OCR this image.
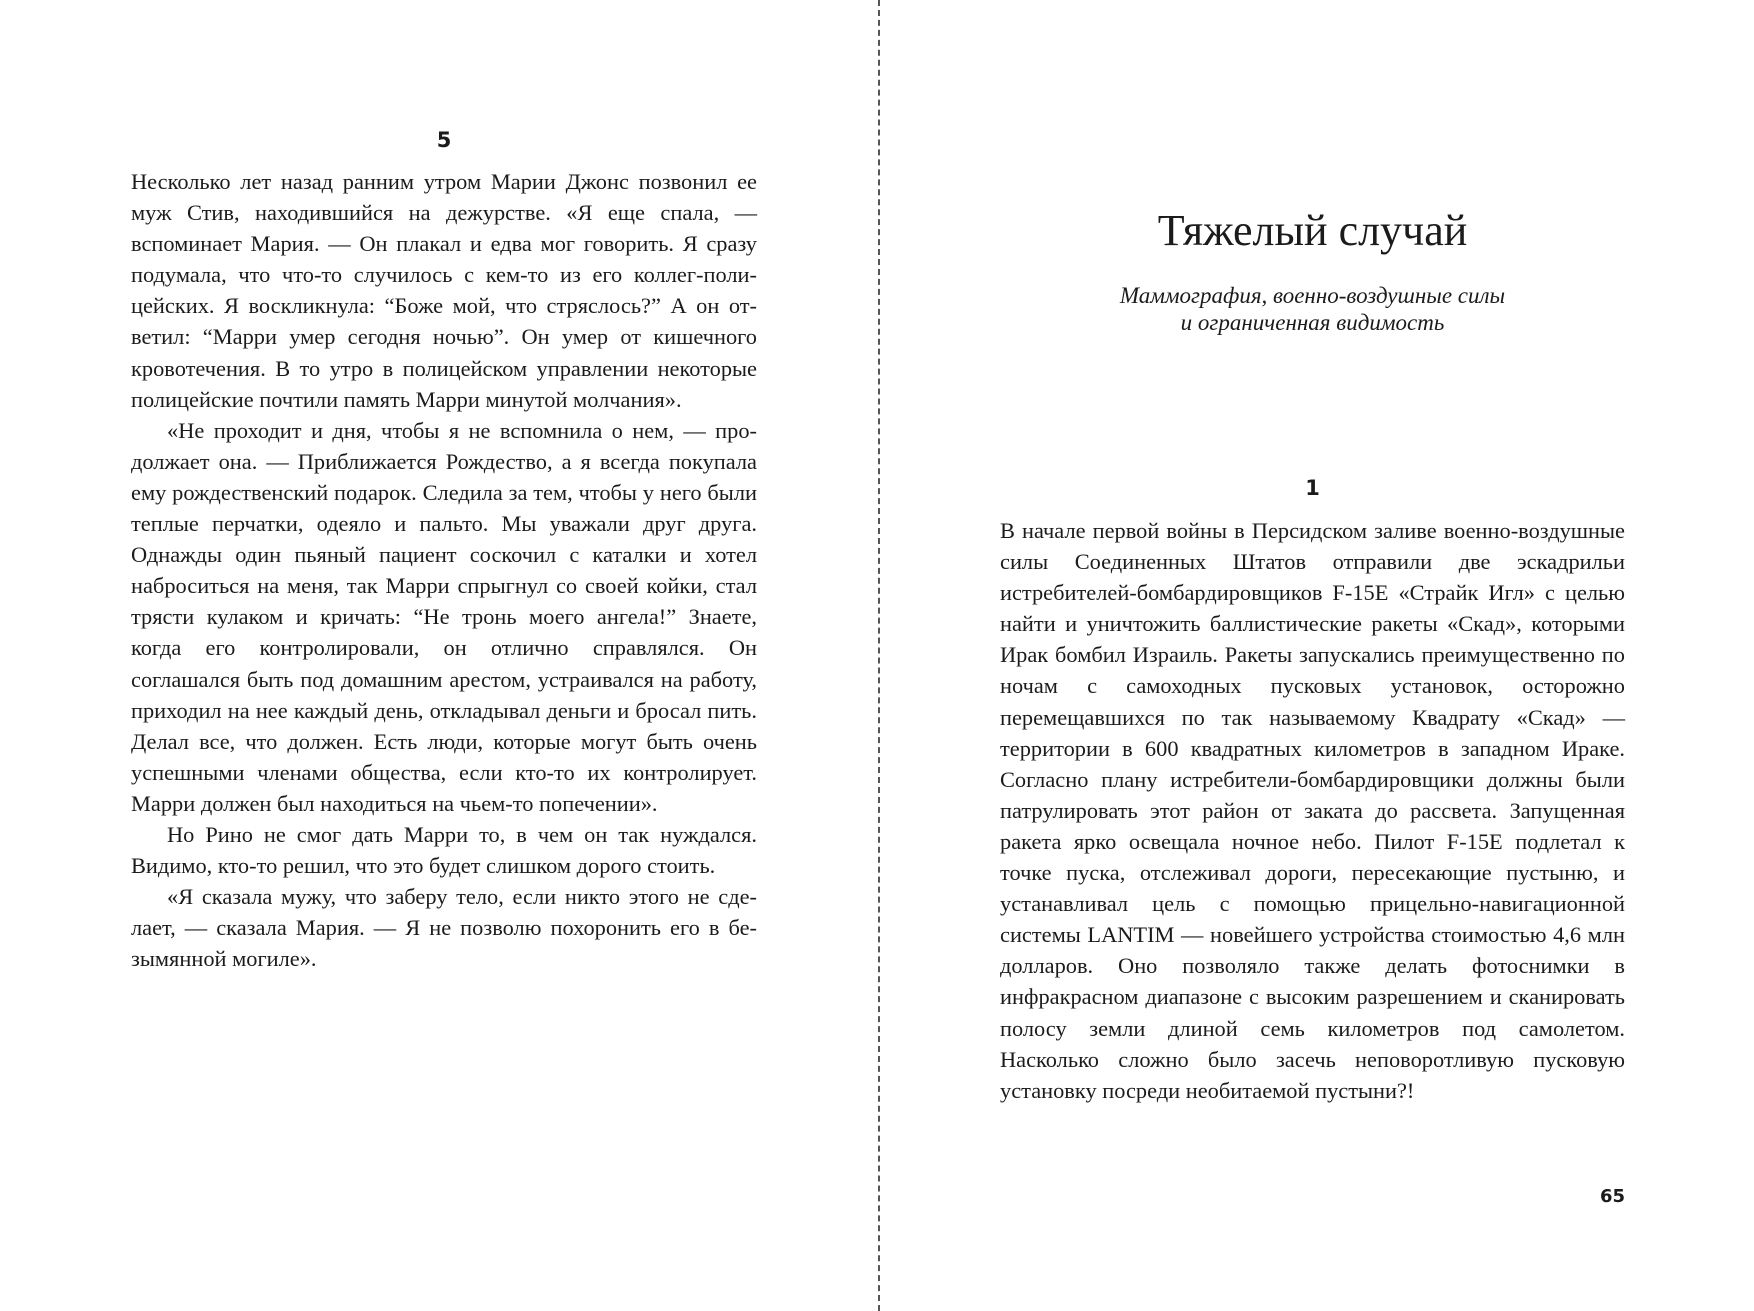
5

Несколько лет назад ранним утром Марии Джонс позвонил ее муж Стив, находившийся на дежурстве. «Я еще спала, — вспоминает Мария. — Он плакал и едва мог говорить. Я сразу подумала, что что-то случилось с кем-то из его коллег-полицейских. Я воскликнула: “Боже мой, что стряслось?” А он ответил: “Марри умер сегодня ночью”. Он умер от кишечного кровотечения. В то утро в полицейском управлении некоторые полицейские почтили память Марри минутой молчания».

«Не проходит и дня, чтобы я не вспомнила о нем, — продолжает она. — Приближается Рождество, а я всегда покупала ему рождественский подарок. Следила за тем, чтобы у него были теплые перчатки, одеяло и пальто. Мы уважали друг друга. Однажды один пьяный пациент соскочил с каталки и хотел наброситься на меня, так Марри спрыгнул со своей койки, стал трясти кулаком и кричать: “Не тронь моего ангела!” Знаете, когда его контролировали, он отлично справлялся. Он соглашался быть под домашним арестом, устраивался на работу, приходил на нее каждый день, откладывал деньги и бросал пить. Делал все, что должен. Есть люди, которые могут быть очень успешными членами общества, если кто-то их контролирует. Марри должен был находиться на чьем-то попечении».

Но Рино не смог дать Марри то, в чем он так нуждался. Видимо, кто-то решил, что это будет слишком дорого стоить.

«Я сказала мужу, что заберу тело, если никто этого не сделает, — сказала Мария. — Я не позволю похоронить его в безымянной могиле».

Тяжелый случай
Маммография, военно-воздушные силы
и ограниченная видимость
1

В начале первой войны в Персидском заливе военно-воздушные силы Соединенных Штатов отправили две эскадрильи истребителей-бомбардировщиков F-15E «Страйк Игл» с целью найти и уничтожить баллистические ракеты «Скад», которыми Ирак бомбил Израиль. Ракеты запускались преимущественно по ночам с самоходных пусковых установок, осторожно перемещавшихся по так называемому Квадрату «Скад» — территории в 600 квадратных километров в западном Ираке. Согласно плану истребители-бомбардировщики должны были патрулировать этот район от заката до рассвета. Запущенная ракета ярко освещала ночное небо. Пилот F-15E подлетал к точке пуска, отслеживал дороги, пересекающие пустыню, и устанавливал цель с помощью прицельно-навигационной системы LANTIM — новейшего устройства стоимостью 4,6 млн долларов. Оно позволяло также делать фотоснимки в инфракрасном диапазоне с высоким разрешением и сканировать полосу земли длиной семь километров под самолетом. Насколько сложно было засечь неповоротливую пусковую установку посреди необитаемой пустыни?!

65
